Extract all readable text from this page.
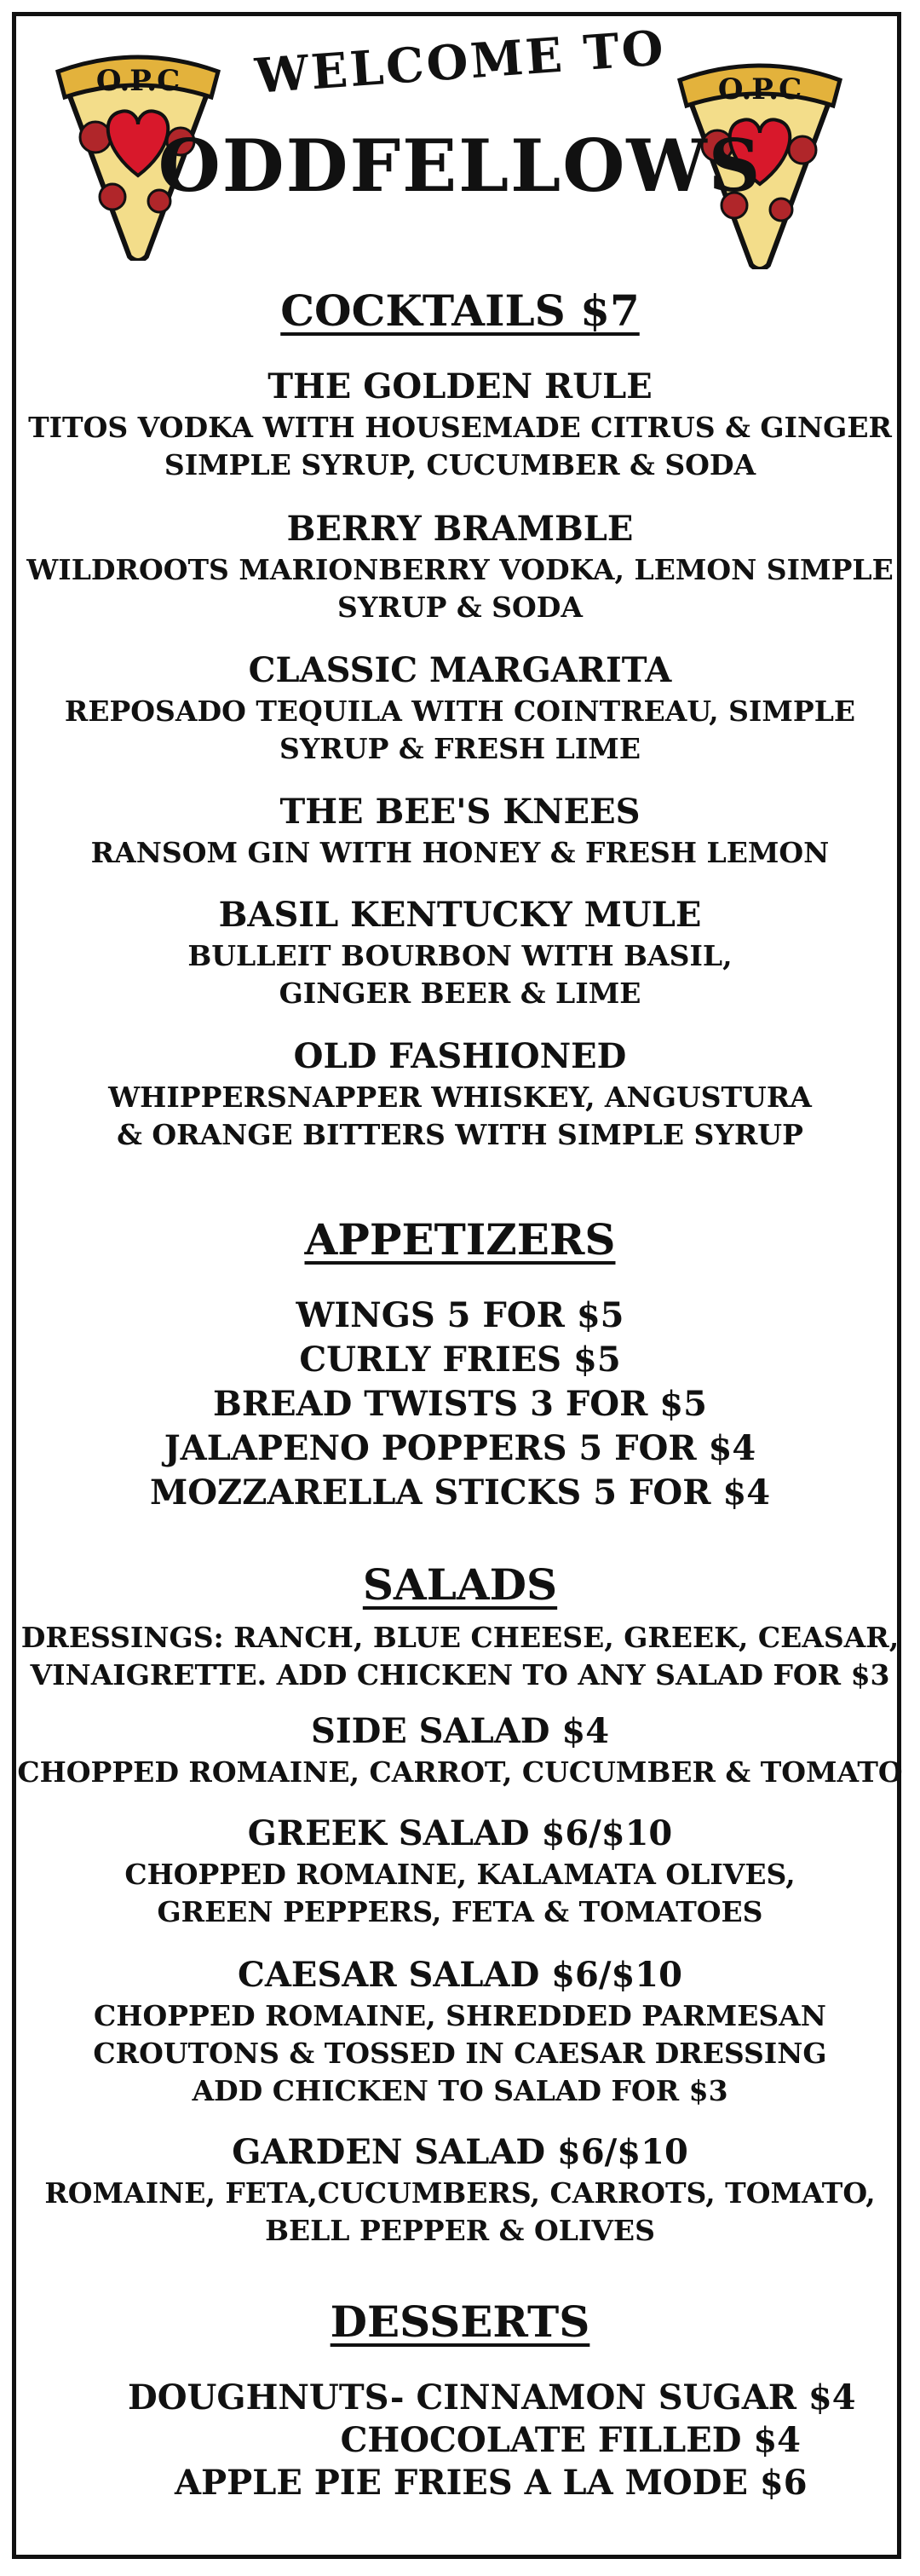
O.P.C	O.P.C
WELCOME TO
ODDFELLOWS
COCKTAILS $7
THE GOLDEN RULE
TITOS VODKA WITH HOUSEMADE CITRUS & GINGER
SIMPLE SYRUP, CUCUMBER & SODA
BERRY BRAMBLE
WILDROOTS MARIONBERRY VODKA, LEMON SIMPLE
SYRUP & SODA
CLASSIC MARGARITA
REPOSADO TEQUILA WITH COINTREAU, SIMPLE
SYRUP & FRESH LIME
THE BEE'S KNEES
RANSOM GIN WITH HONEY & FRESH LEMON
BASIL KENTUCKY MULE
BULLEIT BOURBON WITH BASIL,
GINGER BEER & LIME
OLD FASHIONED
WHIPPERSNAPPER WHISKEY, ANGUSTURA
& ORANGE BITTERS WITH SIMPLE SYRUP
APPETIZERS
WINGS 5 FOR $5
CURLY FRIES $5
BREAD TWISTS 3 FOR $5
JALAPENO POPPERS 5 FOR $4
MOZZARELLA STICKS 5 FOR $4
SALADS
DRESSINGS: RANCH, BLUE CHEESE, GREEK, CEASAR,
VINAIGRETTE. ADD CHICKEN TO ANY SALAD FOR $3
SIDE SALAD $4
CHOPPED ROMAINE, CARROT, CUCUMBER & TOMATO
GREEK SALAD $6/$10
CHOPPED ROMAINE, KALAMATA OLIVES,
GREEN PEPPERS, FETA & TOMATOES
CAESAR SALAD $6/$10
CHOPPED ROMAINE, SHREDDED PARMESAN
CROUTONS & TOSSED IN CAESAR DRESSING
ADD CHICKEN TO SALAD FOR $3
GARDEN SALAD $6/$10
ROMAINE, FETA,CUCUMBERS, CARROTS, TOMATO,
BELL PEPPER & OLIVES
DESSERTS
DOUGHNUTS- CINNAMON SUGAR $4
CHOCOLATE FILLED $4
APPLE PIE FRIES A LA MODE $6
